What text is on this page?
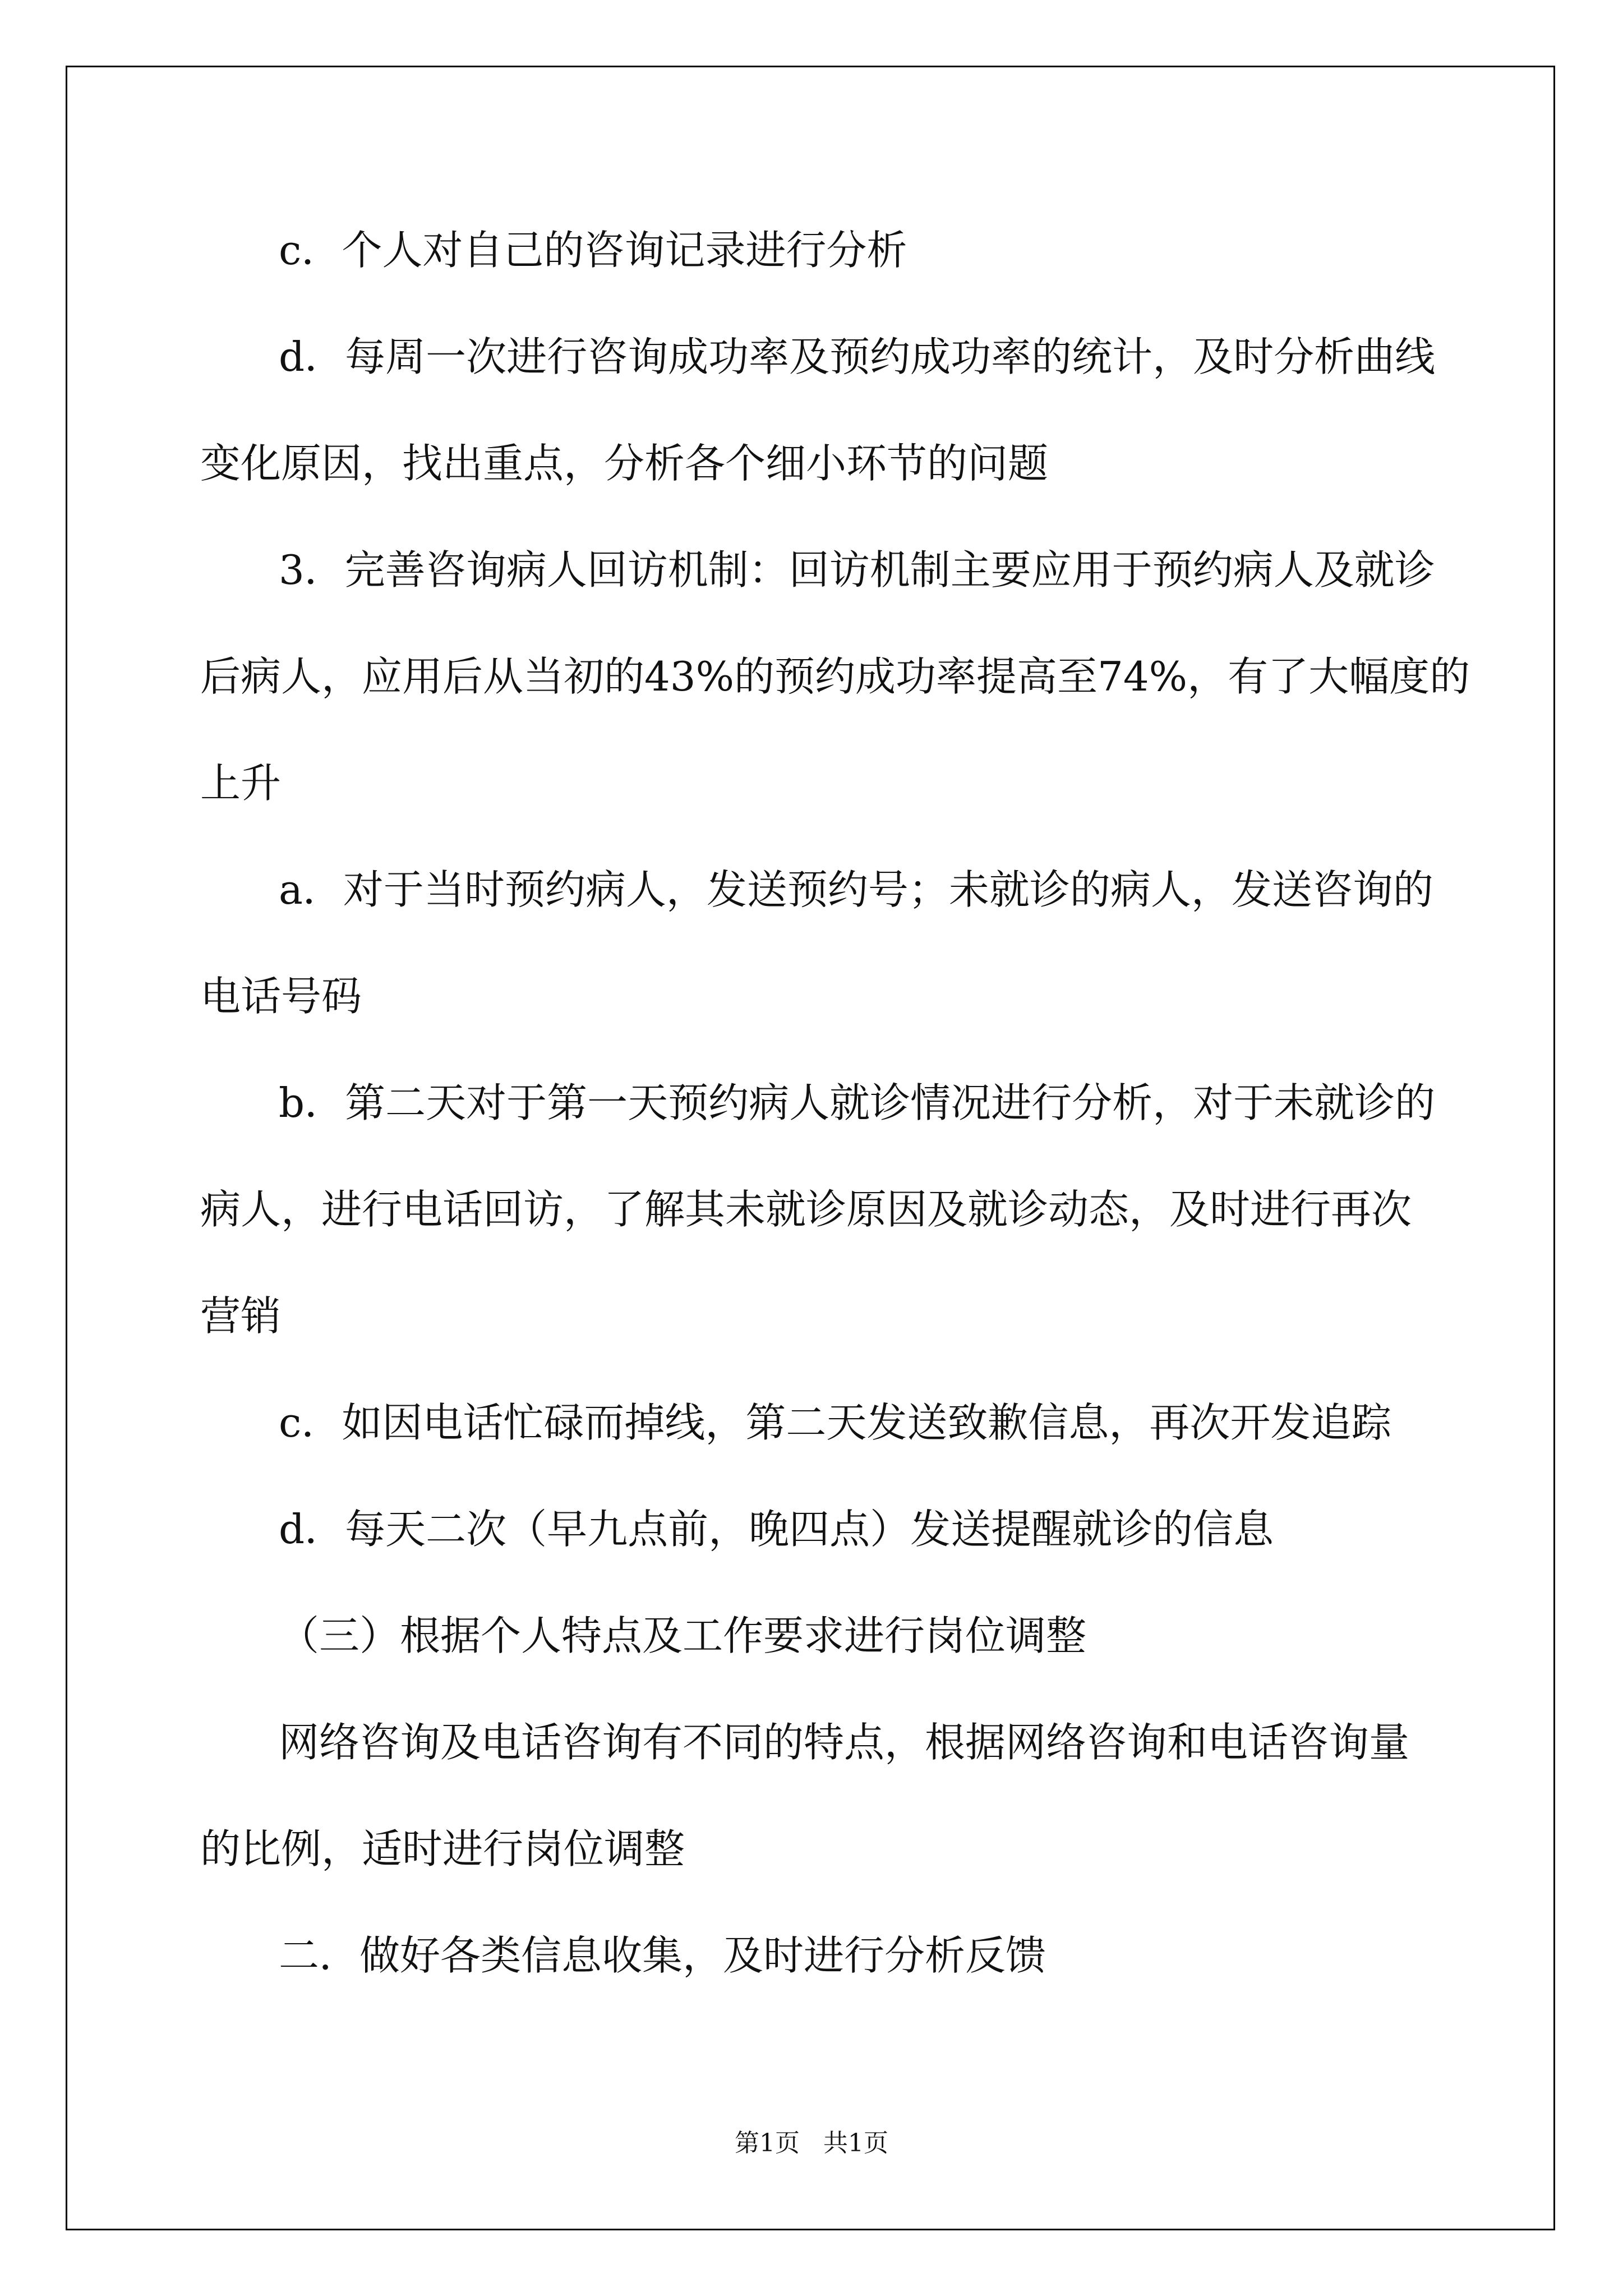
c．个人对自己的咨询记录进行分析
d．每周一次进行咨询成功率及预约成功率的统计，及时分析曲线
变化原因，找出重点，分析各个细小环节的问题
3．完善咨询病人回访机制：回访机制主要应用于预约病人及就诊
后病人，应用后从当初的43%的预约成功率提高至74%，有了大幅度的
上升
a．对于当时预约病人，发送预约号；未就诊的病人，发送咨询的
电话号码
b．第二天对于第一天预约病人就诊情况进行分析，对于未就诊的
病人，进行电话回访，了解其未就诊原因及就诊动态，及时进行再次
营销
c．如因电话忙碌而掉线，第二天发送致歉信息，再次开发追踪
d．每天二次（早九点前，晚四点）发送提醒就诊的信息
（三）根据个人特点及工作要求进行岗位调整
网络咨询及电话咨询有不同的特点，根据网络咨询和电话咨询量
的比例，适时进行岗位调整
二．做好各类信息收集，及时进行分析反馈
第1页 共1页
